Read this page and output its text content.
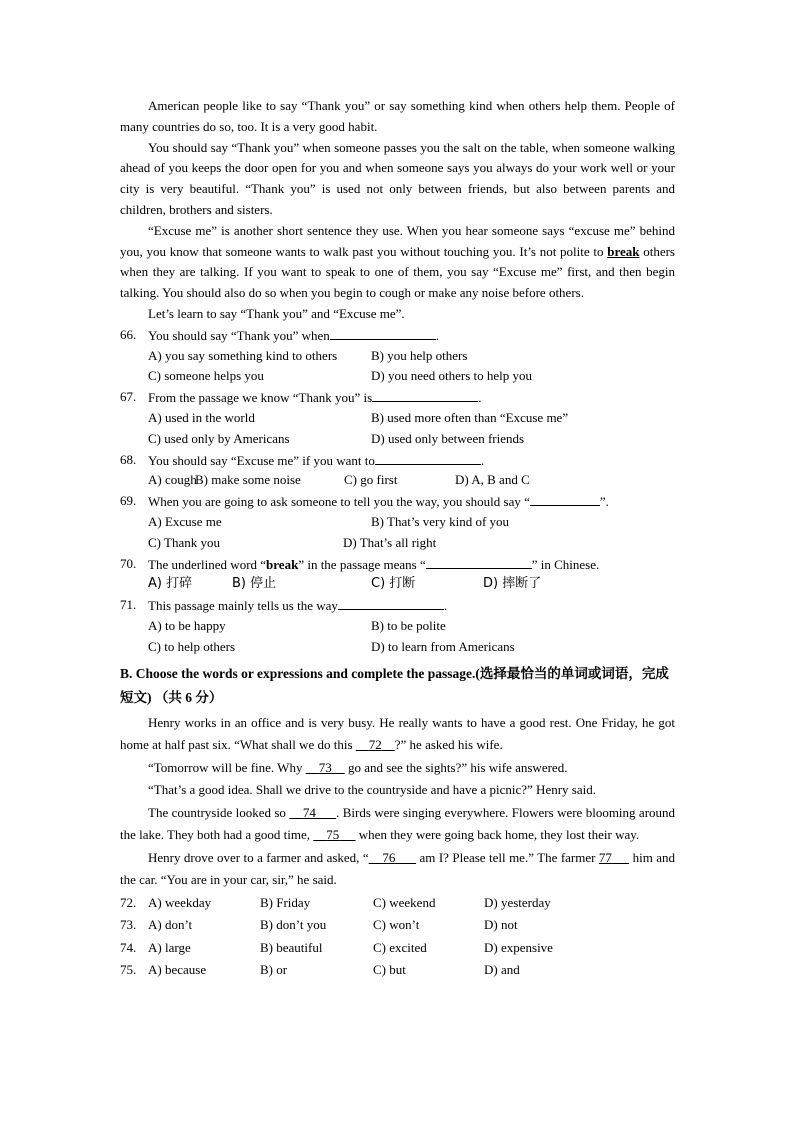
American people like to say “Thank you” or say something kind when others help them. People of many countries do so, too. It is a very good habit.

You should say “Thank you” when someone passes you the salt on the table, when someone walking ahead of you keeps the door open for you and when someone says you always do your work well or your city is very beautiful. “Thank you” is used not only between friends, but also between parents and children, brothers and sisters.

“Excuse me” is another short sentence they use. When you hear someone says “excuse me” behind you, you know that someone wants to walk past you without touching you. It’s not polite to break others when they are talking. If you want to speak to one of them, you say “Excuse me” first, and then begin talking. You should also do so when you begin to cough or make any noise before others.

Let’s learn to say “Thank you” and “Excuse me”.

66. You should say “Thank you” when	.
A) you say something kind to others	B) you help others
C) someone helps you	D) you need others to help you
67. From the passage we know “Thank you” is	.
A) used in the world	B) used more often than “Excuse me”
C) used only by Americans	D) used only between friends
68. You should say “Excuse me” if you want to	.
A) cough
B) make some noise	C) go first	D) A, B and C
69. When you are going to ask someone to tell you the way, you should say “	”.
A) Excuse me	B) That’s very kind of you
C) Thank you	D) That’s all right
70. The underlined word “break” in the passage means “	” in Chinese.
A) 打碎	B) 停止	C) 打断	D) 摔断了
71. This passage mainly tells us the way	.
A) to be happy	B) to be polite
C) to help others	D) to learn from Americans
B. Choose the words or expressions and complete the passage.(选择最恰当的单词或词语，完成短文) （共 6 分）

Henry works in an office and is very busy. He really wants to have a good rest. One Friday, he got home at half past six. “What shall we do this     72 ?” he asked his wife.

“Tomorrow will be fine. Why     73     go and see the sights?” his wife answered.

“That’s a good idea. Shall we drive to the countryside and have a picnic?” Henry said.

The countryside looked so     74 . Birds were singing everywhere. Flowers were blooming around the lake. They both had a good time,     75      when they were going back home, they lost their way.

Henry drove over to a farmer and asked, “ 76       am I? Please tell me.” The farmer 77      him and the car. “You are in your car, sir,” he said.

72. A) weekday	B) Friday	C) weekend	D) yesterday
73. A) don’t	B) don’t you	C) won’t	D) not
74. A) large	B) beautiful	C) excited	D) expensive
75. A) because	B) or	C) but	D) and
